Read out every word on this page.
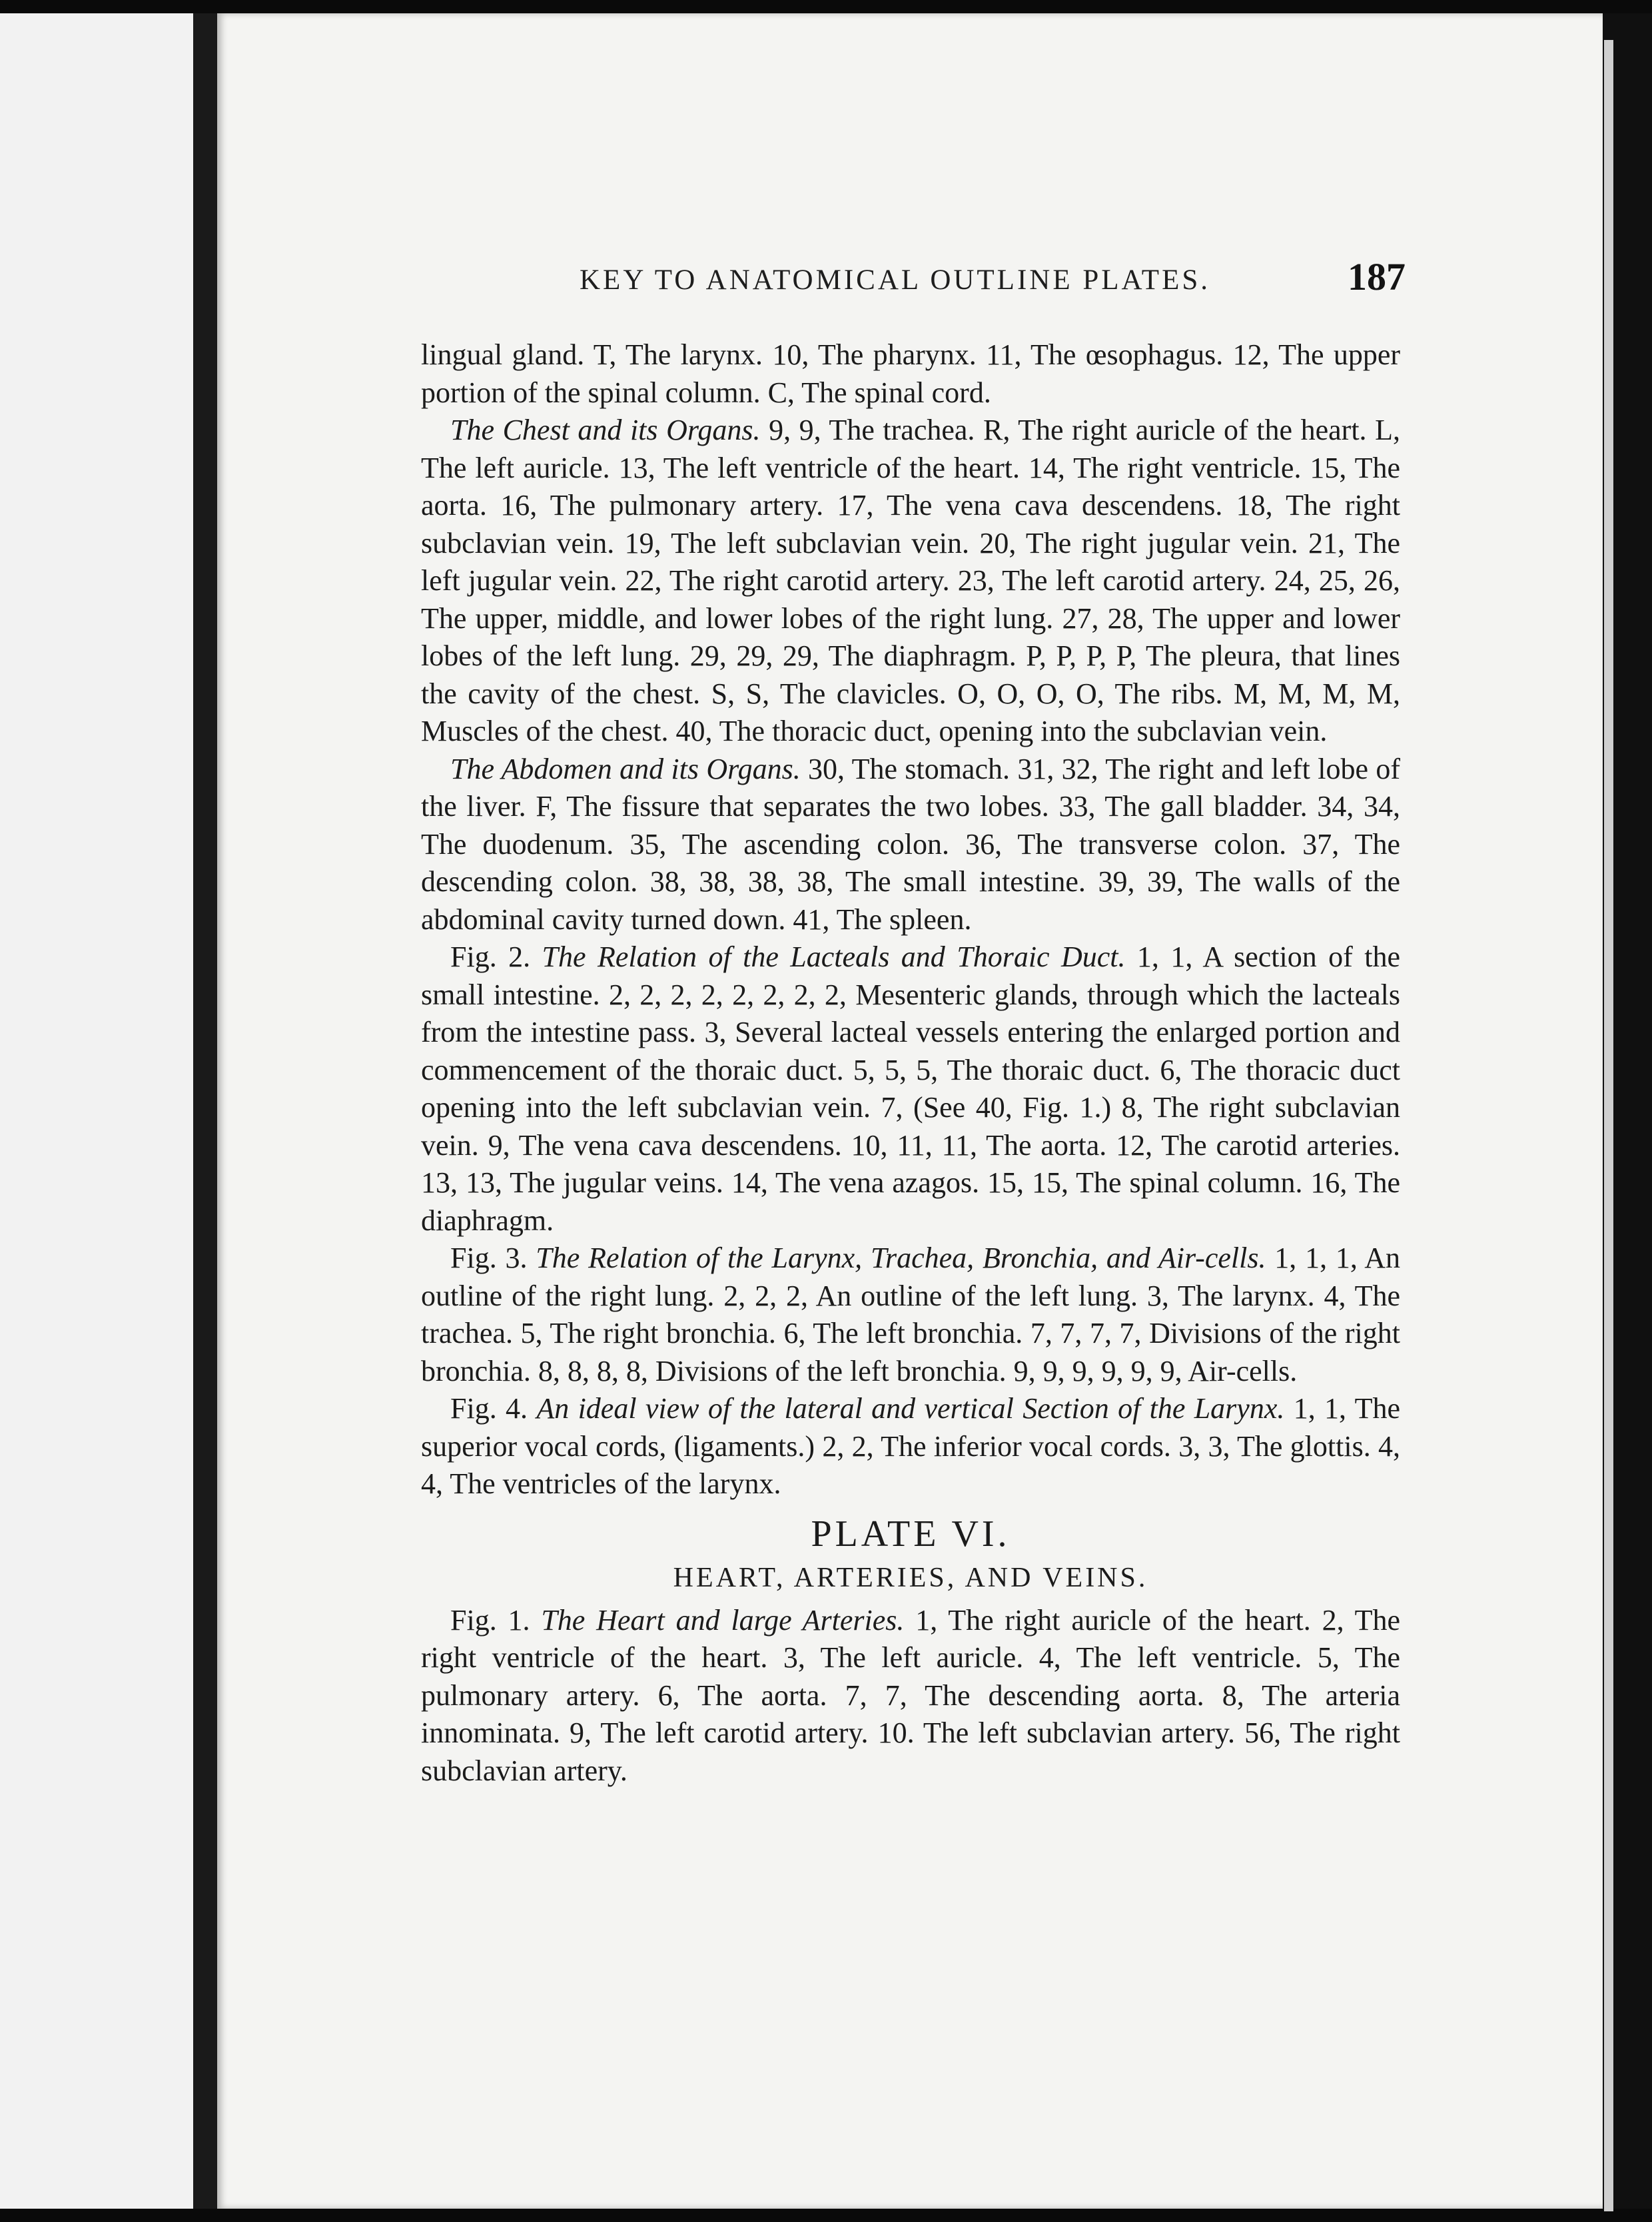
KEY TO ANATOMICAL OUTLINE PLATES.	187

lingual gland. T, The larynx. 10, The pharynx. 11, The œsophagus. 12, The upper portion of the spinal column. C, The spinal cord.

The Chest and its Organs. 9, 9, The trachea. R, The right auricle of the heart. L, The left auricle. 13, The left ventricle of the heart. 14, The right ventricle. 15, The aorta. 16, The pulmonary artery. 17, The vena cava descendens. 18, The right subclavian vein. 19, The left subclavian vein. 20, The right jugular vein. 21, The left jugular vein. 22, The right carotid artery. 23, The left carotid artery. 24, 25, 26, The upper, middle, and lower lobes of the right lung. 27, 28, The upper and lower lobes of the left lung. 29, 29, 29, The diaphragm. P, P, P, P, The pleura, that lines the cavity of the chest. S, S, The clavicles. O, O, O, O, The ribs. M, M, M, M, Muscles of the chest. 40, The thoracic duct, opening into the subclavian vein.

The Abdomen and its Organs. 30, The stomach. 31, 32, The right and left lobe of the liver. F, The fissure that separates the two lobes. 33, The gall bladder. 34, 34, The duodenum. 35, The ascending colon. 36, The transverse colon. 37, The descending colon. 38, 38, 38, 38, The small intestine. 39, 39, The walls of the abdominal cavity turned down. 41, The spleen.

Fig. 2. The Relation of the Lacteals and Thoraic Duct. 1, 1, A section of the small intestine. 2, 2, 2, 2, 2, 2, 2, 2, Mesenteric glands, through which the lacteals from the intestine pass. 3, Several lacteal vessels entering the enlarged portion and commencement of the thoraic duct. 5, 5, 5, The thoraic duct. 6, The thoracic duct opening into the left subclavian vein. 7, (See 40, Fig. 1.) 8, The right subclavian vein. 9, The vena cava descendens. 10, 11, 11, The aorta. 12, The carotid arteries. 13, 13, The jugular veins. 14, The vena azagos. 15, 15, The spinal column. 16, The diaphragm.

Fig. 3. The Relation of the Larynx, Trachea, Bronchia, and Air-cells. 1, 1, 1, An outline of the right lung. 2, 2, 2, An outline of the left lung. 3, The larynx. 4, The trachea. 5, The right bronchia. 6, The left bronchia. 7, 7, 7, 7, Divisions of the right bronchia. 8, 8, 8, 8, Divisions of the left bronchia. 9, 9, 9, 9, 9, 9, Air-cells.

Fig. 4. An ideal view of the lateral and vertical Section of the Larynx. 1, 1, The superior vocal cords, (ligaments.) 2, 2, The inferior vocal cords. 3, 3, The glottis. 4, 4, The ventricles of the larynx.

PLATE VI.
HEART, ARTERIES, AND VEINS.

Fig. 1. The Heart and large Arteries. 1, The right auricle of the heart. 2, The right ventricle of the heart. 3, The left auricle. 4, The left ventricle. 5, The pulmonary artery. 6, The aorta. 7, 7, The descending aorta. 8, The arteria innominata. 9, The left carotid artery. 10. The left subclavian artery. 56, The right subclavian artery.
